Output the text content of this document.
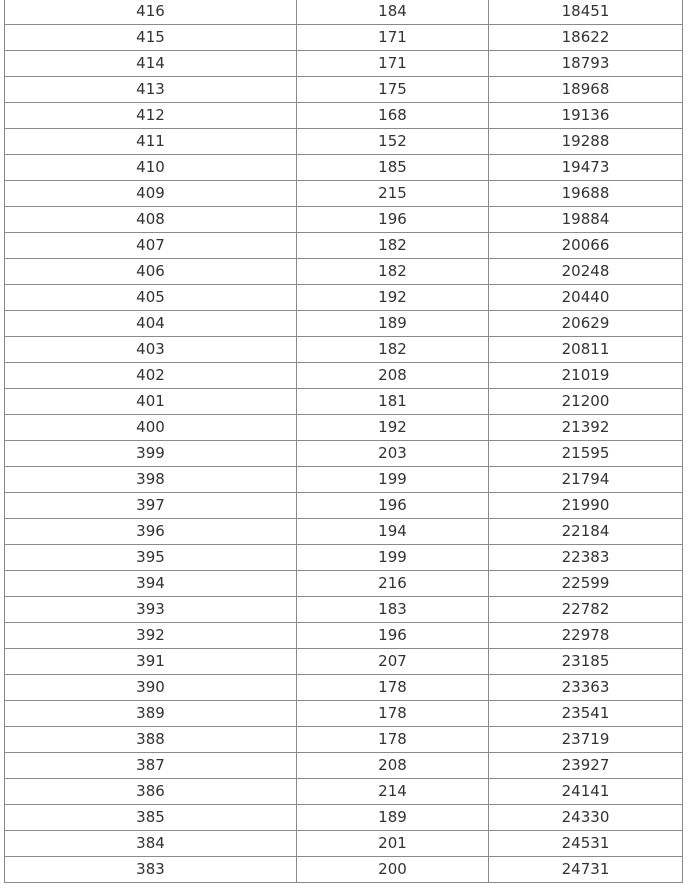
416	184	18451
415	171	18622
414	171	18793
413	175	18968
412	168	19136
411	152	19288
410	185	19473
409	215	19688
408	196	19884
407	182	20066
406	182	20248
405	192	20440
404	189	20629
403	182	20811
402	208	21019
401	181	21200
400	192	21392
399	203	21595
398	199	21794
397	196	21990
396	194	22184
395	199	22383
394	216	22599
393	183	22782
392	196	22978
391	207	23185
390	178	23363
389	178	23541
388	178	23719
387	208	23927
386	214	24141
385	189	24330
384	201	24531
383	200	24731
